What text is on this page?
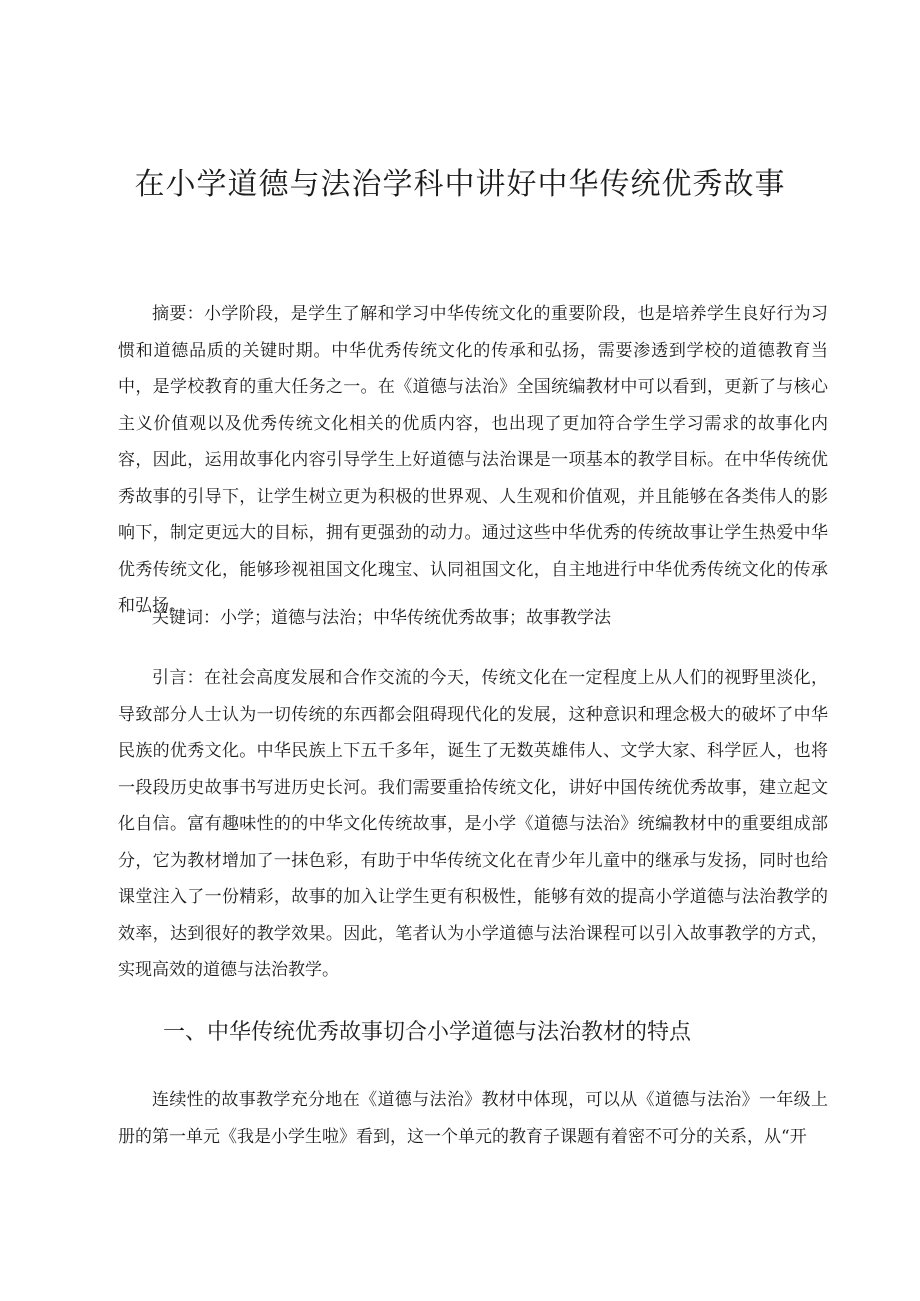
在小学道德与法治学科中讲好中华传统优秀故事

摘要：小学阶段，是学生了解和学习中华传统文化的重要阶段，也是培养学生良好行为习惯和道德品质的关键时期。中华优秀传统文化的传承和弘扬，需要渗透到学校的道德教育当中，是学校教育的重大任务之一。在《道德与法治》全国统编教材中可以看到，更新了与核心主义价值观以及优秀传统文化相关的优质内容，也出现了更加符合学生学习需求的故事化内容，因此，运用故事化内容引导学生上好道德与法治课是一项基本的教学目标。在中华传统优秀故事的引导下，让学生树立更为积极的世界观、人生观和价值观，并且能够在各类伟人的影响下，制定更远大的目标，拥有更强劲的动力。通过这些中华优秀的传统故事让学生热爱中华优秀传统文化，能够珍视祖国文化瑰宝、认同祖国文化，自主地进行中华优秀传统文化的传承和弘扬。

关键词：小学；道德与法治；中华传统优秀故事；故事教学法

引言：在社会高度发展和合作交流的今天，传统文化在一定程度上从人们的视野里淡化，导致部分人士认为一切传统的东西都会阻碍现代化的发展，这种意识和理念极大的破坏了中华民族的优秀文化。中华民族上下五千多年，诞生了无数英雄伟人、文学大家、科学匠人，也将一段段历史故事书写进历史长河。我们需要重拾传统文化，讲好中国传统优秀故事，建立起文化自信。富有趣味性的的中华文化传统故事，是小学《道德与法治》统编教材中的重要组成部分，它为教材增加了一抹色彩，有助于中华传统文化在青少年儿童中的继承与发扬，同时也给课堂注入了一份精彩，故事的加入让学生更有积极性，能够有效的提高小学道德与法治教学的效率，达到很好的教学效果。因此，笔者认为小学道德与法治课程可以引入故事教学的方式，实现高效的道德与法治教学。

一、中华传统优秀故事切合小学道德与法治教材的特点

连续性的故事教学充分地在《道德与法治》教材中体现，可以从《道德与法治》一年级上册的第一单元《我是小学生啦》看到，这一个单元的教育子课题有着密不可分的关系，从“开
